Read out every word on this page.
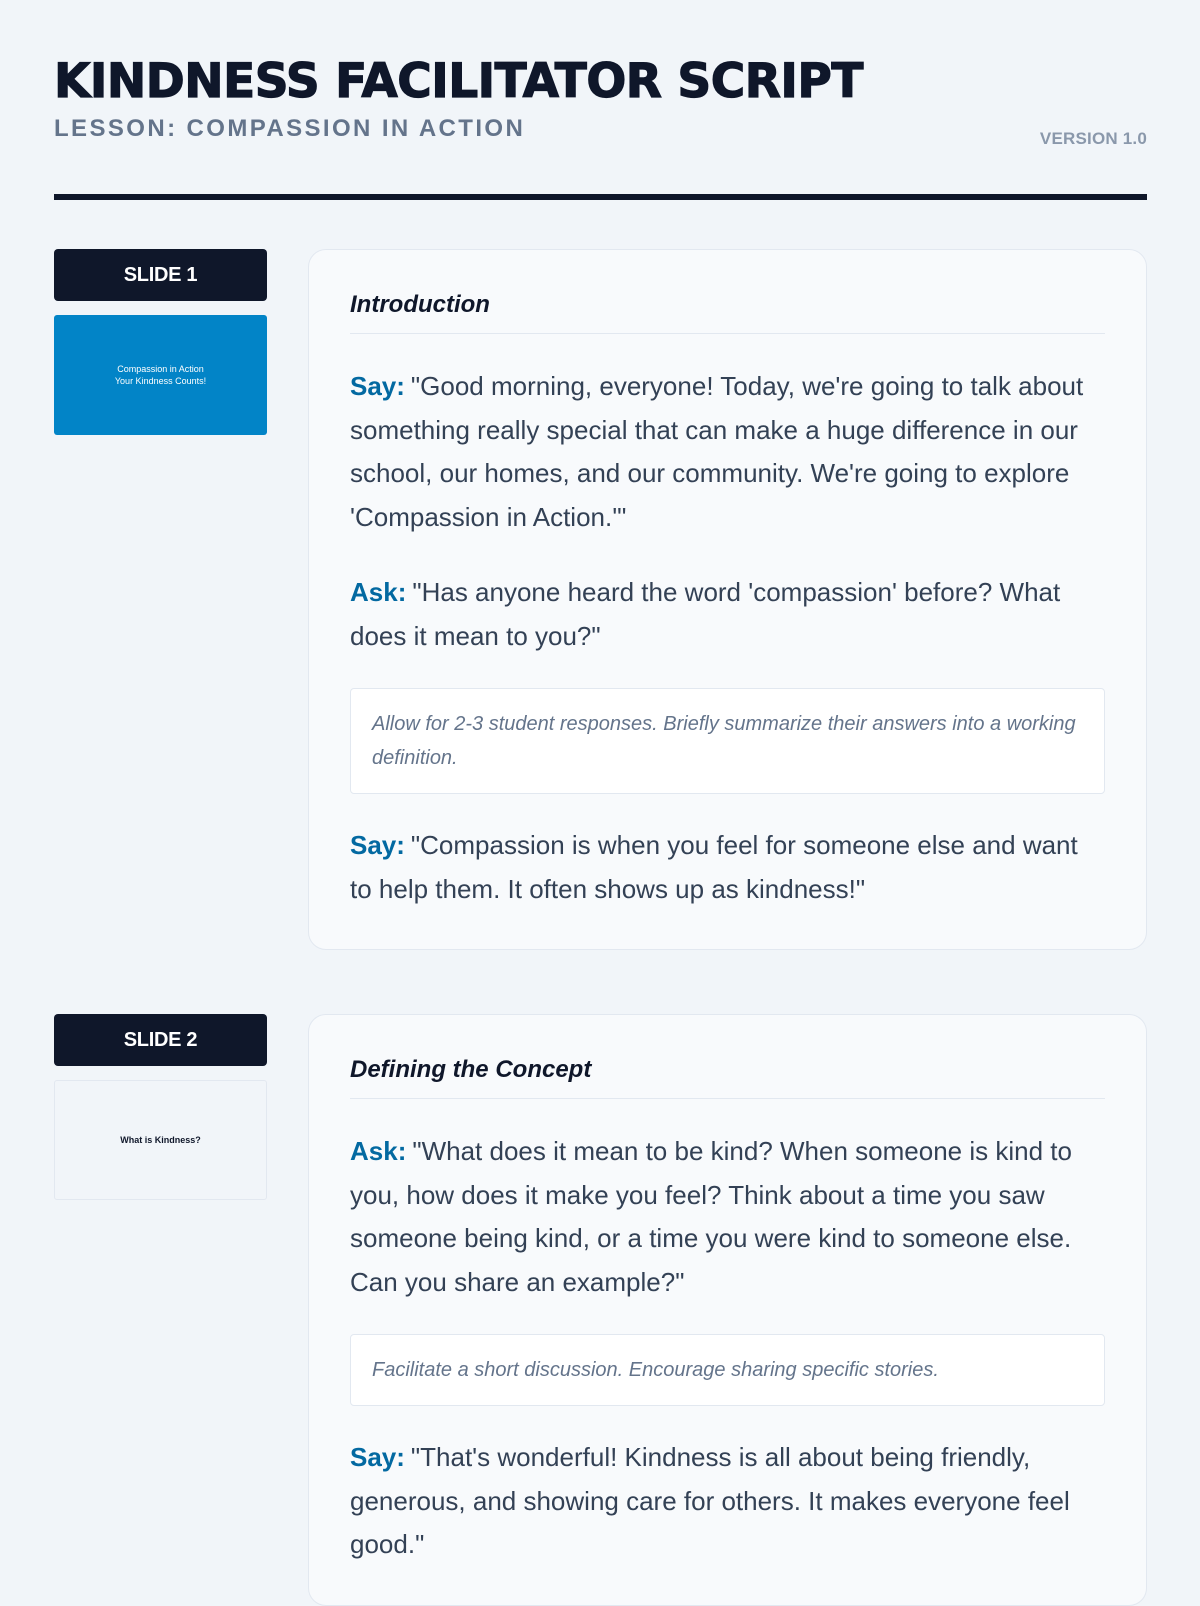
KINDNESS FACILITATOR SCRIPT
LESSON: COMPASSION IN ACTION	VERSION 1.0
SLIDE 1
Compassion in Action
Your Kindness Counts!
Introduction

Say: "Good morning, everyone! Today, we're going to talk about something really special that can make a huge difference in our school, our homes, and our community. We're going to explore 'Compassion in Action.'"

Ask: "Has anyone heard the word 'compassion' before? What does it mean to you?"

Allow for 2-3 student responses. Briefly summarize their answers into a working definition.

Say: "Compassion is when you feel for someone else and want to help them. It often shows up as kindness!"

SLIDE 2
What is Kindness?
Defining the Concept

Ask: "What does it mean to be kind? When someone is kind to you, how does it make you feel? Think about a time you saw someone being kind, or a time you were kind to someone else. Can you share an example?"

Facilitate a short discussion. Encourage sharing specific stories.

Say: "That's wonderful! Kindness is all about being friendly, generous, and showing care for others. It makes everyone feel good."
